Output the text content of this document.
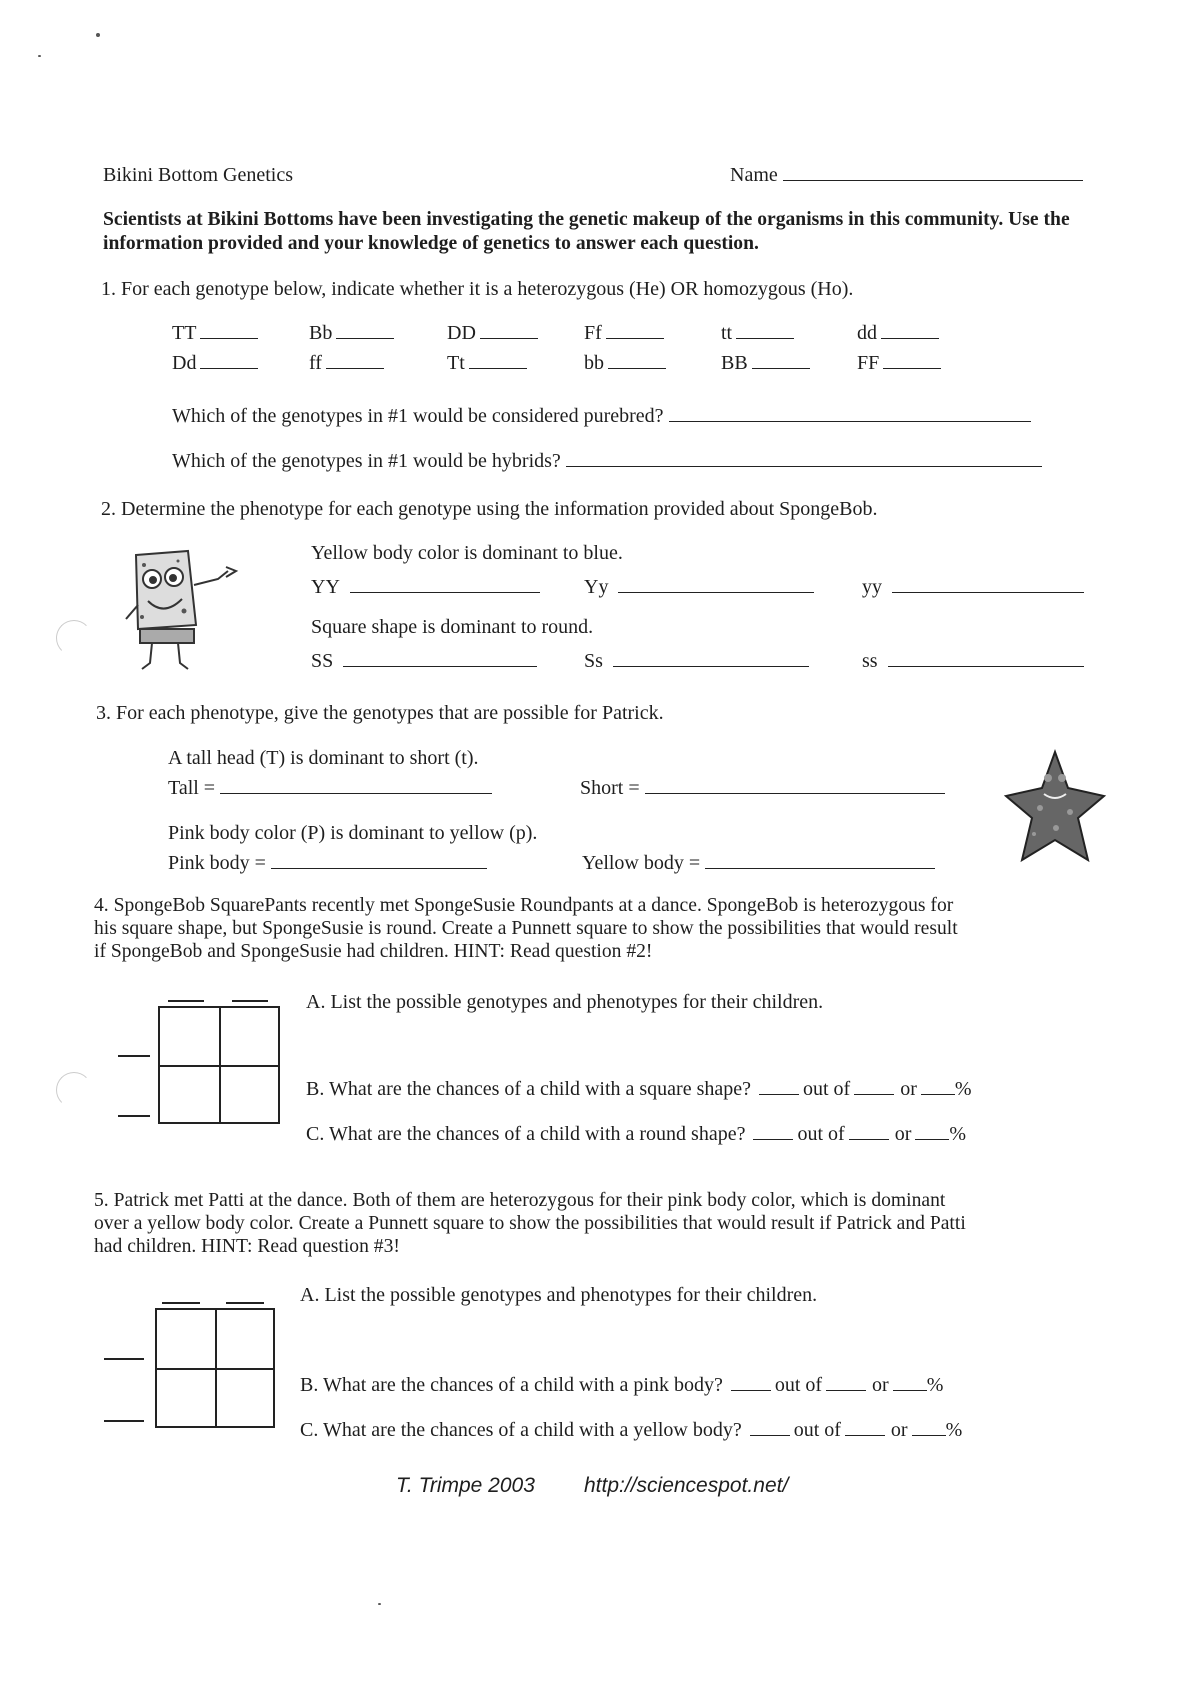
Bikini Bottom Genetics	Name
Scientists at Bikini Bottoms have been investigating the genetic makeup of the organisms in this community. Use the information provided and your knowledge of genetics to answer each question.
1. For each genotype below, indicate whether it is a heterozygous (He) OR homozygous (Ho).
TT	Bb	DD	Ff	tt	dd
Dd	ff	Tt	bb	BB	FF
Which of the genotypes in #1 would be considered purebred?
Which of the genotypes in #1 would be hybrids?
2. Determine the phenotype for each genotype using the information provided about SpongeBob.
Yellow body color is dominant to blue.
YY	Yy	yy
Square shape is dominant to round.
SS	Ss	ss
3. For each phenotype, give the genotypes that are possible for Patrick.
A tall head (T) is dominant to short (t).
Tall =	Short =
Pink body color (P) is dominant to yellow (p).
Pink body =	Yellow body =
4. SpongeBob SquarePants recently met SpongeSusie Roundpants at a dance. SpongeBob is heterozygous for
his square shape, but SpongeSusie is round. Create a Punnett square to show the possibilities that would result
if SpongeBob and SpongeSusie had children. HINT: Read question #2!
A. List the possible genotypes and phenotypes for their children.
B. What are the chances of a child with a square shape?	out of	or %
C. What are the chances of a child with a round shape?	out of	or %
5. Patrick met Patti at the dance. Both of them are heterozygous for their pink body color, which is dominant
over a yellow body color. Create a Punnett square to show the possibilities that would result if Patrick and Patti
had children. HINT: Read question #3!
A. List the possible genotypes and phenotypes for their children.
B. What are the chances of a child with a pink body?	out of	or %
C. What are the chances of a child with a yellow body?	out of	or %
T. Trimpe 2003 http://sciencespot.net/
